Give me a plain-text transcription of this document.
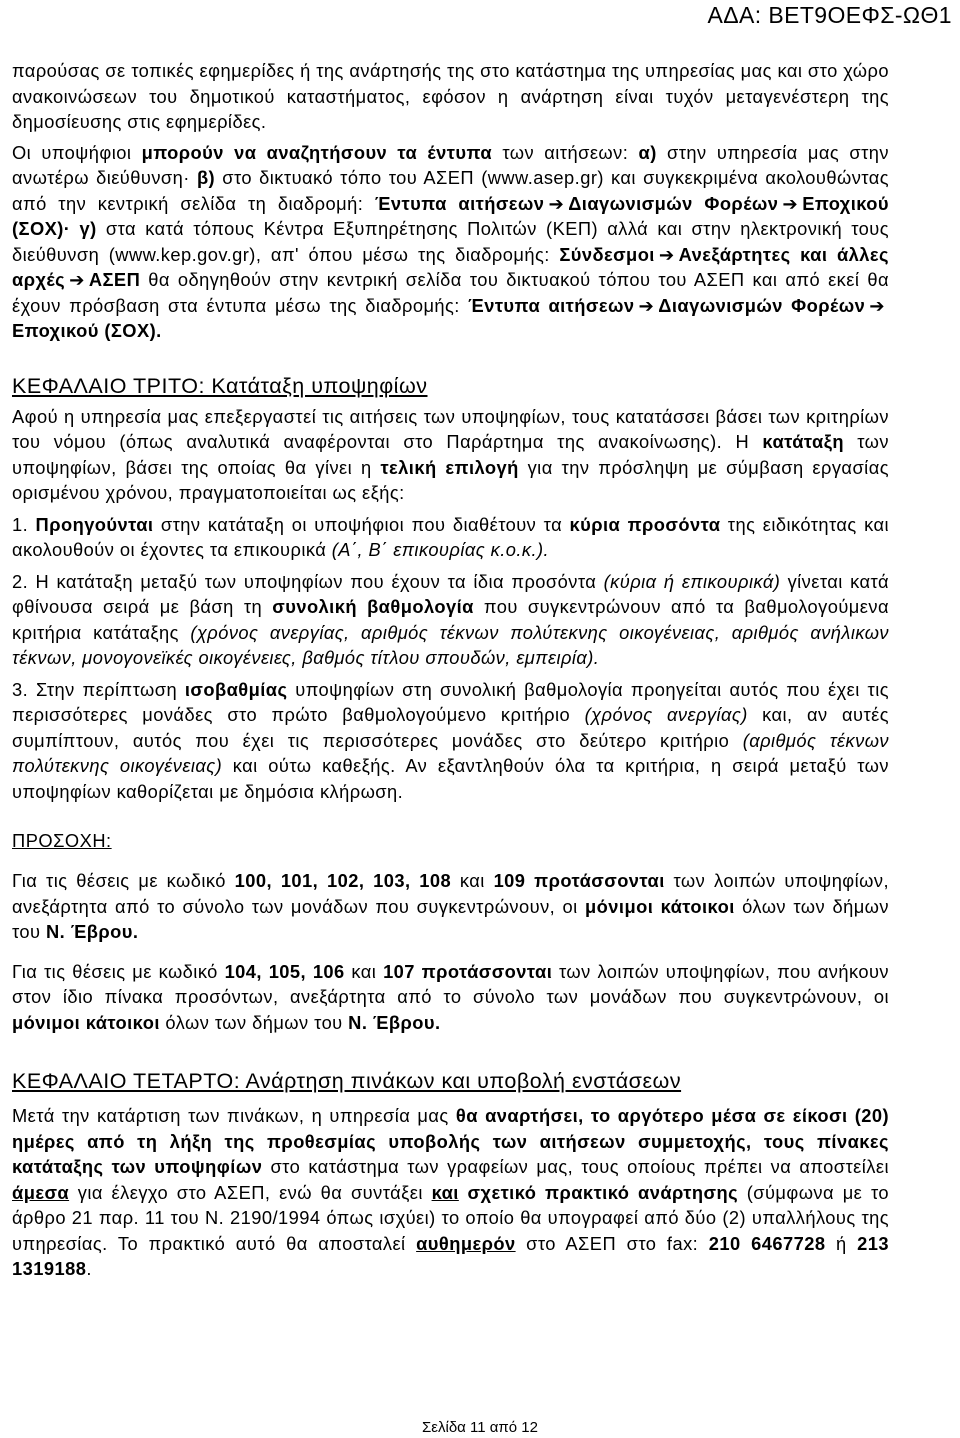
ΑΔΑ: ΒΕΤ9ΟΕΦΣ-ΩΘ1

παρούσας σε τοπικές εφημερίδες ή της ανάρτησής της στο κατάστημα της υπηρεσίας μας και στο χώρο ανακοινώσεων του δημοτικού καταστήματος, εφόσον η ανάρτηση είναι τυχόν μεταγενέστερη της δημοσίευσης στις εφημερίδες.

Οι υποψήφιοι μπορούν να αναζητήσουν τα έντυπα των αιτήσεων: α) στην υπηρεσία μας στην ανωτέρω διεύθυνση· β) στο δικτυακό τόπο του ΑΣΕΠ (www.asep.gr) και συγκεκριμένα ακολουθώντας από την κεντρική σελίδα τη διαδρομή: Έντυπα αιτήσεων ➔ Διαγωνισμών Φορέων ➔ Εποχικού (ΣΟΧ)· γ) στα κατά τόπους Κέντρα Εξυπηρέτησης Πολιτών (ΚΕΠ) αλλά και στην ηλεκτρονική τους διεύθυνση (www.kep.gov.gr), απ' όπου μέσω της διαδρομής: Σύνδεσμοι ➔ Ανεξάρτητες και άλλες αρχές ➔ ΑΣΕΠ θα οδηγηθούν στην κεντρική σελίδα του δικτυακού τόπου του ΑΣΕΠ και από εκεί θα έχουν πρόσβαση στα έντυπα μέσω της διαδρομής: Έντυπα αιτήσεων ➔ Διαγωνισμών Φορέων ➔Εποχικού (ΣΟΧ).

ΚΕΦΑΛΑΙΟ ΤΡΙΤΟ: Κατάταξη υποψηφίων

Αφού η υπηρεσία μας επεξεργαστεί τις αιτήσεις των υποψηφίων, τους κατατάσσει βάσει των κριτηρίων του νόμου (όπως αναλυτικά αναφέρονται στο Παράρτημα της ανακοίνωσης). Η κατάταξη των υποψηφίων, βάσει της οποίας θα γίνει η τελική επιλογή για την πρόσληψη με σύμβαση εργασίας ορισμένου χρόνου, πραγματοποιείται ως εξής:

1. Προηγούνται στην κατάταξη οι υποψήφιοι που διαθέτουν τα κύρια προσόντα της ειδικότητας και ακολουθούν οι έχοντες τα επικουρικά (Α΄, Β΄ επικουρίας κ.ο.κ.).

2. Η κατάταξη μεταξύ των υποψηφίων που έχουν τα ίδια προσόντα (κύρια ή επικουρικά) γίνεται κατά φθίνουσα σειρά με βάση τη συνολική βαθμολογία που συγκεντρώνουν από τα βαθμολογούμενα κριτήρια κατάταξης (χρόνος ανεργίας, αριθμός τέκνων πολύτεκνης οικογένειας, αριθμός ανήλικων τέκνων, μονογονεϊκές οικογένειες, βαθμός τίτλου σπουδών, εμπειρία).

3. Στην περίπτωση ισοβαθμίας υποψηφίων στη συνολική βαθμολογία προηγείται αυτός που έχει τις περισσότερες μονάδες στο πρώτο βαθμολογούμενο κριτήριο (χρόνος ανεργίας) και, αν αυτές συμπίπτουν, αυτός που έχει τις περισσότερες μονάδες στο δεύτερο κριτήριο (αριθμός τέκνων πολύτεκνης οικογένειας) και ούτω καθεξής. Αν εξαντληθούν όλα τα κριτήρια, η σειρά μεταξύ των υποψηφίων καθορίζεται με δημόσια κλήρωση.

ΠΡΟΣΟΧΗ:

Για τις θέσεις με κωδικό 100, 101, 102, 103, 108 και 109 προτάσσονται των λοιπών υποψηφίων, ανεξάρτητα από το σύνολο των μονάδων που συγκεντρώνουν, οι μόνιμοι κάτοικοι όλων των δήμων του Ν. Έβρου.

Για τις θέσεις με κωδικό 104, 105, 106 και 107 προτάσσονται των λοιπών υποψηφίων, που ανήκουν στον ίδιο πίνακα προσόντων, ανεξάρτητα από το σύνολο των μονάδων που συγκεντρώνουν, οι μόνιμοι κάτοικοι όλων των δήμων του Ν. Έβρου.

ΚΕΦΑΛΑΙΟ ΤΕΤΑΡΤΟ: Ανάρτηση πινάκων και υποβολή ενστάσεων

Μετά την κατάρτιση των πινάκων, η υπηρεσία μας θα αναρτήσει, το αργότερο μέσα σε είκοσι (20) ημέρες από τη λήξη της προθεσμίας υποβολής των αιτήσεων συμμετοχής, τους πίνακες κατάταξης των υποψηφίων στο κατάστημα των γραφείων μας, τους οποίους πρέπει να αποστείλει άμεσα για έλεγχο στο ΑΣΕΠ, ενώ θα συντάξει και σχετικό πρακτικό ανάρτησης (σύμφωνα με το άρθρο 21 παρ. 11 του Ν. 2190/1994 όπως ισχύει) το οποίο θα υπογραφεί από δύο (2) υπαλλήλους της υπηρεσίας. Το πρακτικό αυτό θα αποσταλεί αυθημερόν στο ΑΣΕΠ στο fax: 210 6467728 ή 213 1319188.

Σελίδα 11 από 12
